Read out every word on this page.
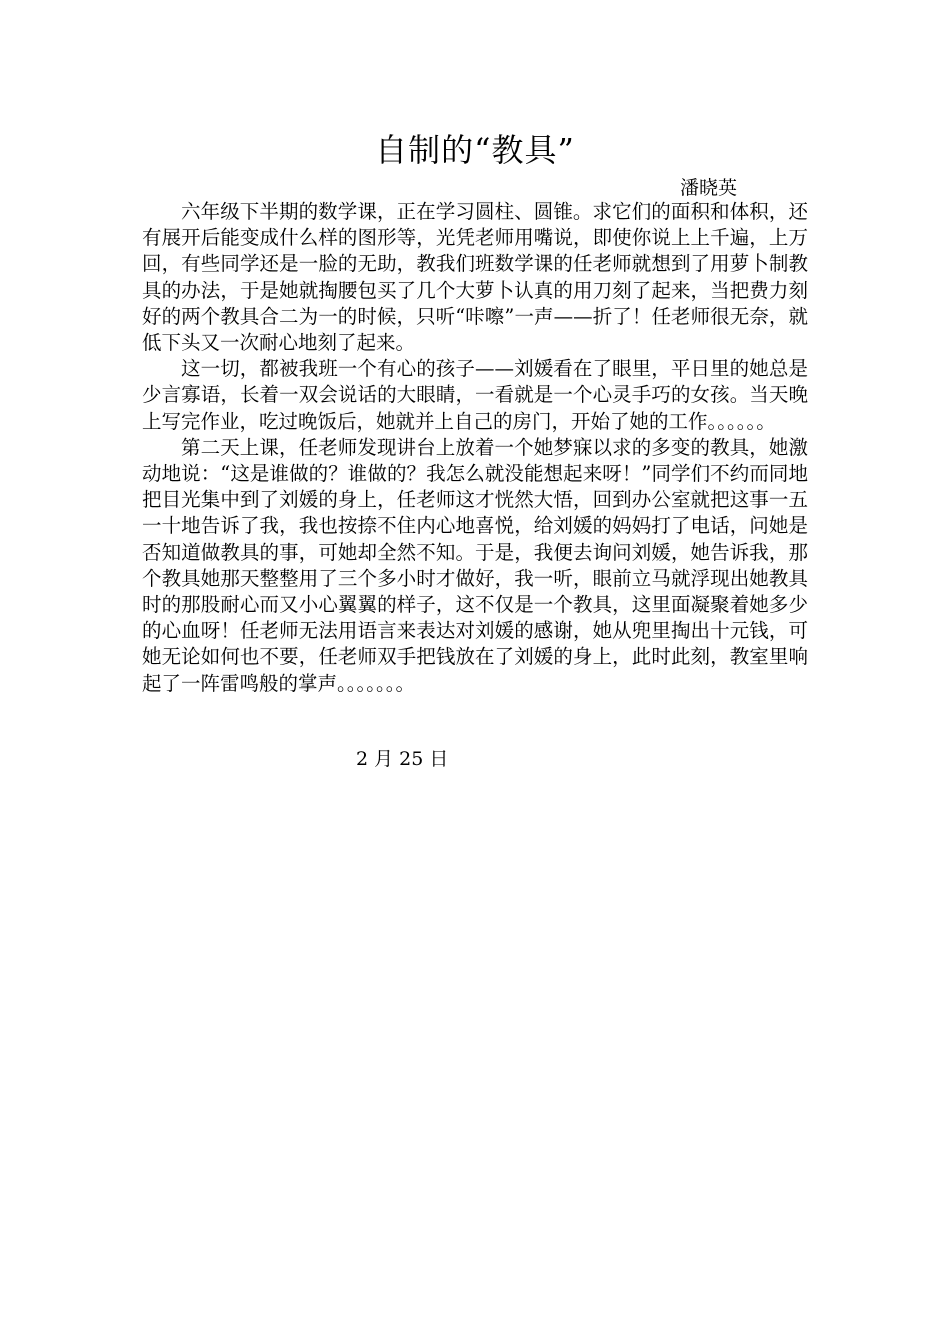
自制的“教具”
潘晓英

六年级下半期的数学课，正在学习圆柱、圆锥。求它们的面积和体积，还有展开后能变成什么样的图形等，光凭老师用嘴说，即使你说上上千遍，上万回，有些同学还是一脸的无助，教我们班数学课的任老师就想到了用萝卜制教具的办法，于是她就掏腰包买了几个大萝卜认真的用刀刻了起来，当把费力刻好的两个教具合二为一的时候，只听“咔嚓”一声——折了！任老师很无奈，就低下头又一次耐心地刻了起来。

这一切，都被我班一个有心的孩子——刘媛看在了眼里，平日里的她总是少言寡语，长着一双会说话的大眼睛，一看就是一个心灵手巧的女孩。当天晚上写完作业，吃过晚饭后，她就并上自己的房门，开始了她的工作。。。。。。

第二天上课，任老师发现讲台上放着一个她梦寐以求的多变的教具，她激动地说：“这是谁做的？谁做的？我怎么就没能想起来呀！”同学们不约而同地把目光集中到了刘媛的身上，任老师这才恍然大悟，回到办公室就把这事一五一十地告诉了我，我也按捺不住内心地喜悦，给刘媛的妈妈打了电话，问她是否知道做教具的事，可她却全然不知。于是，我便去询问刘媛，她告诉我，那个教具她那天整整用了三个多小时才做好，我一听，眼前立马就浮现出她教具时的那股耐心而又小心翼翼的样子，这不仅是一个教具，这里面凝聚着她多少的心血呀！任老师无法用语言来表达对刘媛的感谢，她从兜里掏出十元钱，可她无论如何也不要，任老师双手把钱放在了刘媛的身上，此时此刻，教室里响起了一阵雷鸣般的掌声。。。。。。。

2 月 25 日
